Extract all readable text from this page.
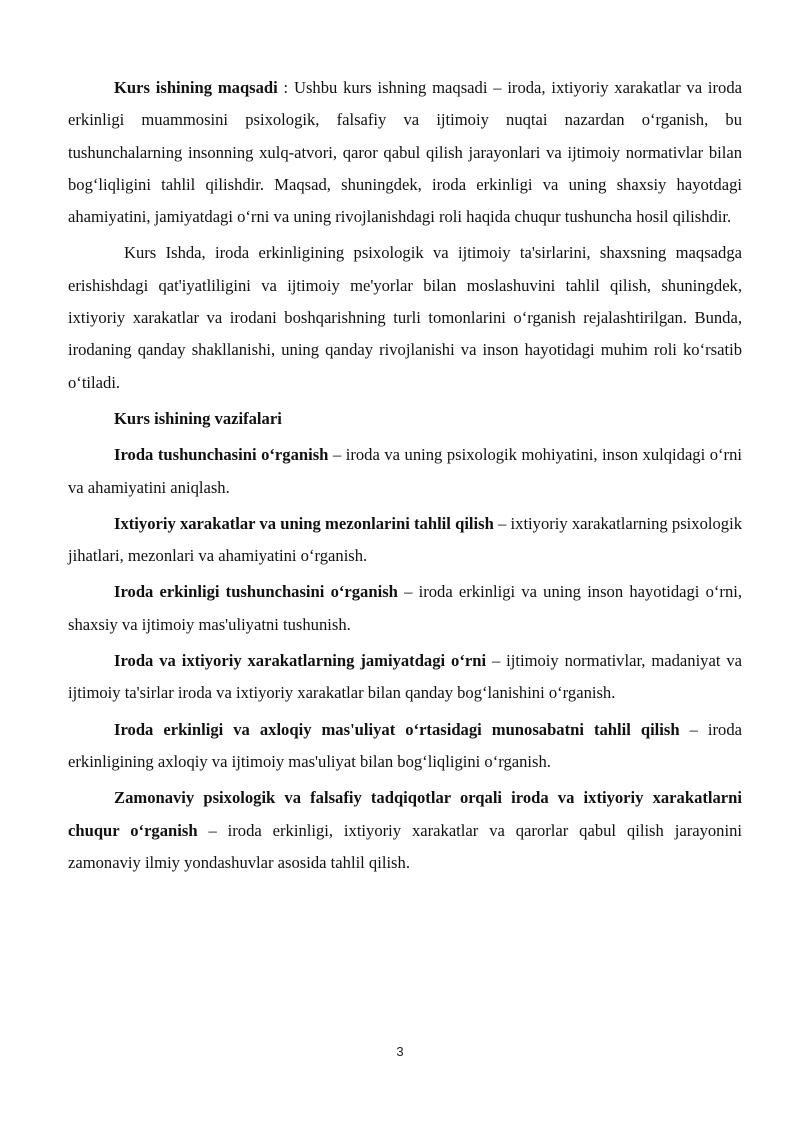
Kurs ishining maqsadi : Ushbu kurs ishning maqsadi – iroda, ixtiyoriy xarakatlar va iroda erkinligi muammosini psixologik, falsafiy va ijtimoiy nuqtai nazardan o‘rganish, bu tushunchalarning insonning xulq-atvori, qaror qabul qilish jarayonlari va ijtimoiy normativlar bilan bog‘liqligini tahlil qilishdir. Maqsad, shuningdek, iroda erkinligi va uning shaxsiy hayotdagi ahamiyatini, jamiyatdagi o‘rni va uning rivojlanishdagi roli haqida chuqur tushuncha hosil qilishdir.

Kurs Ishda, iroda erkinligining psixologik va ijtimoiy ta'sirlarini, shaxsning maqsadga erishishdagi qat'iyatliligini va ijtimoiy me'yorlar bilan moslashuvini tahlil qilish, shuningdek, ixtiyoriy xarakatlar va irodani boshqarishning turli tomonlarini o‘rganish rejalashtirilgan. Bunda, irodaning qanday shakllanishi, uning qanday rivojlanishi va inson hayotidagi muhim roli ko‘rsatib o‘tiladi.

Kurs ishining vazifalari

Iroda tushunchasini o‘rganish – iroda va uning psixologik mohiyatini, inson xulqidagi o‘rni va ahamiyatini aniqlash.

Ixtiyoriy xarakatlar va uning mezonlarini tahlil qilish – ixtiyoriy xarakatlarning psixologik jihatlari, mezonlari va ahamiyatini o‘rganish.

Iroda erkinligi tushunchasini o‘rganish – iroda erkinligi va uning inson hayotidagi o‘rni, shaxsiy va ijtimoiy mas'uliyatni tushunish.

Iroda va ixtiyoriy xarakatlarning jamiyatdagi o‘rni – ijtimoiy normativlar, madaniyat va ijtimoiy ta'sirlar iroda va ixtiyoriy xarakatlar bilan qanday bog‘lanishini o‘rganish.

Iroda erkinligi va axloqiy mas'uliyat o‘rtasidagi munosabatni tahlil qilish – iroda erkinligining axloqiy va ijtimoiy mas'uliyat bilan bog‘liqligini o‘rganish.

Zamonaviy psixologik va falsafiy tadqiqotlar orqali iroda va ixtiyoriy xarakatlarni chuqur o‘rganish – iroda erkinligi, ixtiyoriy xarakatlar va qarorlar qabul qilish jarayonini zamonaviy ilmiy yondashuvlar asosida tahlil qilish.

3
